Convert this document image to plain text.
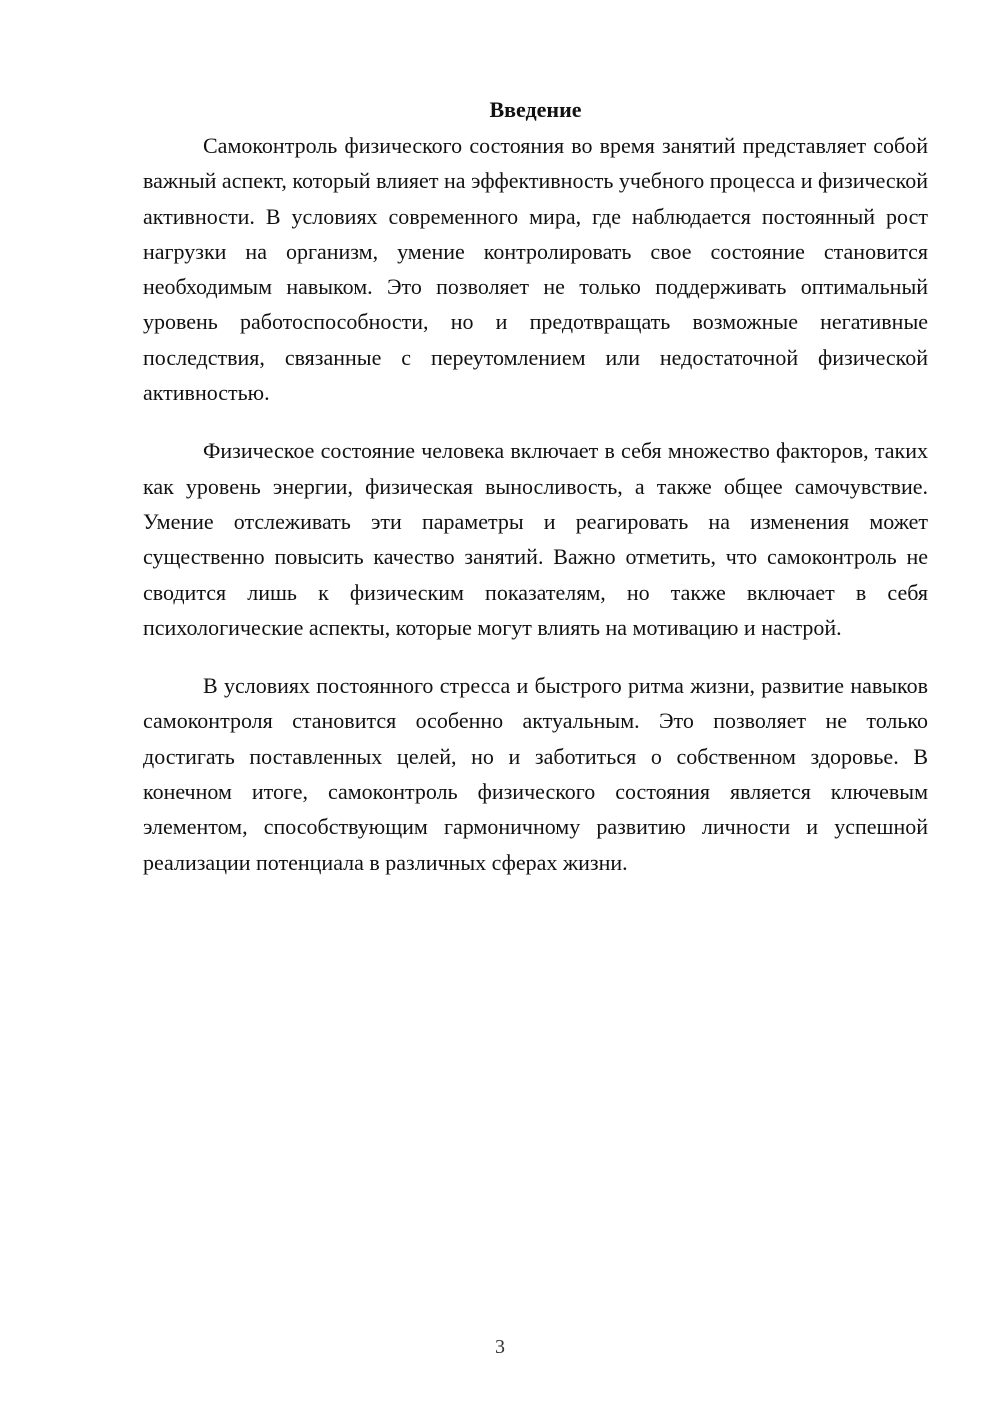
Введение

Самоконтроль физического состояния во время занятий представляет собой важный аспект, который влияет на эффективность учебного процесса и физической активности. В условиях современного мира, где наблюдается постоянный рост нагрузки на организм, умение контролировать свое состояние становится необходимым навыком. Это позволяет не только поддерживать оптимальный уровень работоспособности, но и предотвращать возможные негативные последствия, связанные с переутомлением или недостаточной физической активностью.

Физическое состояние человека включает в себя множество факторов, таких как уровень энергии, физическая выносливость, а также общее самочувствие. Умение отслеживать эти параметры и реагировать на изменения может существенно повысить качество занятий. Важно отметить, что самоконтроль не сводится лишь к физическим показателям, но также включает в себя психологические аспекты, которые могут влиять на мотивацию и настрой.

В условиях постоянного стресса и быстрого ритма жизни, развитие навыков самоконтроля становится особенно актуальным. Это позволяет не только достигать поставленных целей, но и заботиться о собственном здоровье. В конечном итоге, самоконтроль физического состояния является ключевым элементом, способствующим гармоничному развитию личности и успешной реализации потенциала в различных сферах жизни.

3
